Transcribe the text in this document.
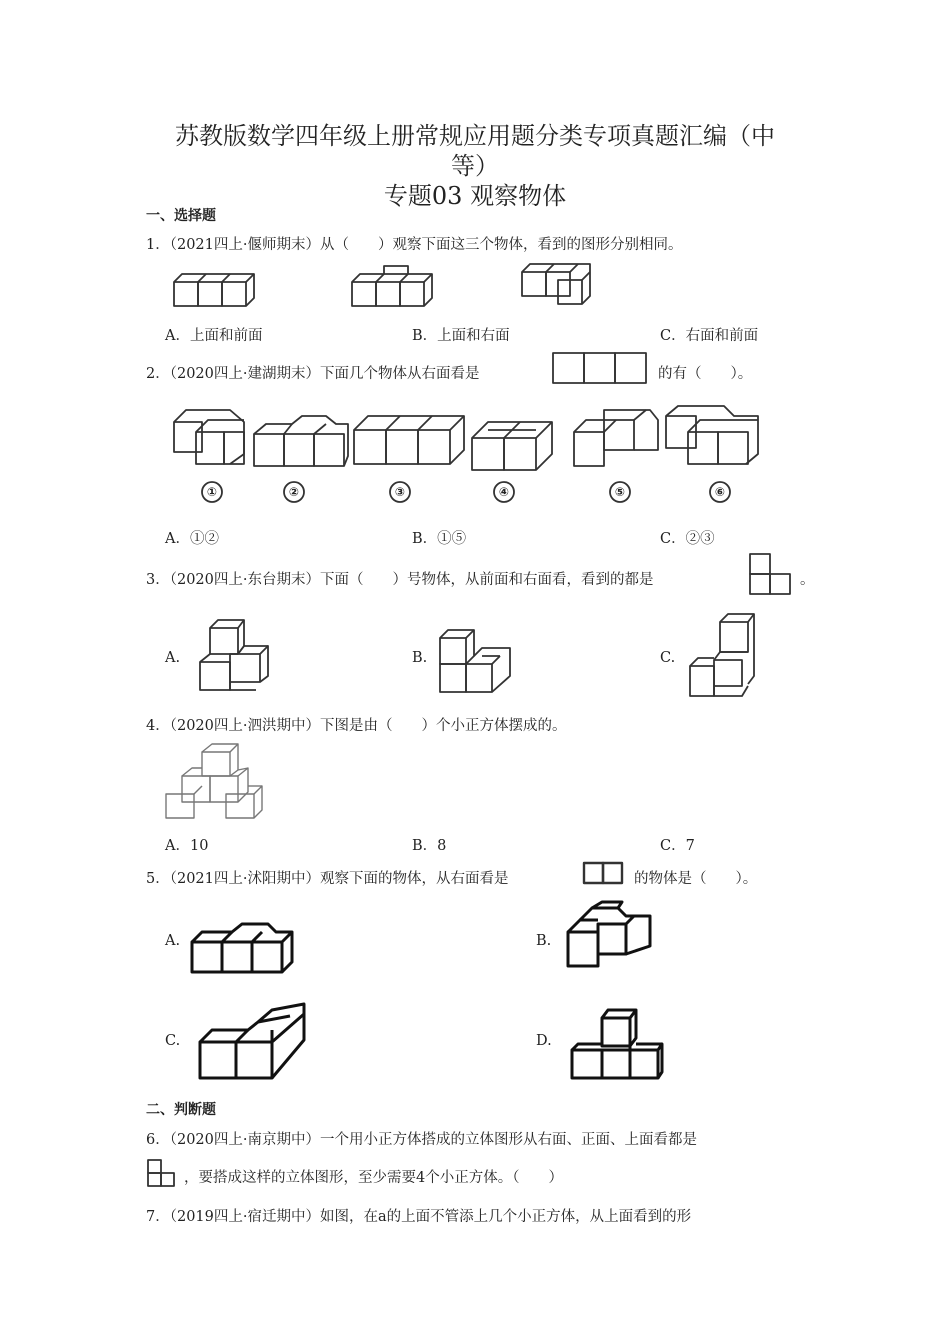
苏教版数学四年级上册常规应用题分类专项真题汇编（中
等）
专题03 观察物体
一、选择题
1．（2021四上·偃师期末）从（　　）观察下面这三个物体，看到的图形分别相同。
A．上面和前面	B．上面和右面	C．右面和前面
2．（2020四上·建湖期末）下面几个物体从右面看是	的有（　　）。
①	②	③	④	⑤	⑥
A．①②	B．①⑤	C．②③
3．（2020四上·东台期末）下面（　　）号物体，从前面和右面看，看到的都是	。
A.	B.	C.
4．（2020四上·泗洪期中）下图是由（　　）个小正方体摆成的。
A．10	B．8	C．7
5．（2021四上·沭阳期中）观察下面的物体，从右面看是	的物体是（　　）。
A.	B.
C.	D.
二、判断题
6．（2020四上·南京期中）一个用小正方体搭成的立体图形从右面、正面、上面看都是
，要搭成这样的立体图形，至少需要4个小正方体。（　　）
7．（2019四上·宿迁期中）如图，在a的上面不管添上几个小正方体，从上面看到的形
